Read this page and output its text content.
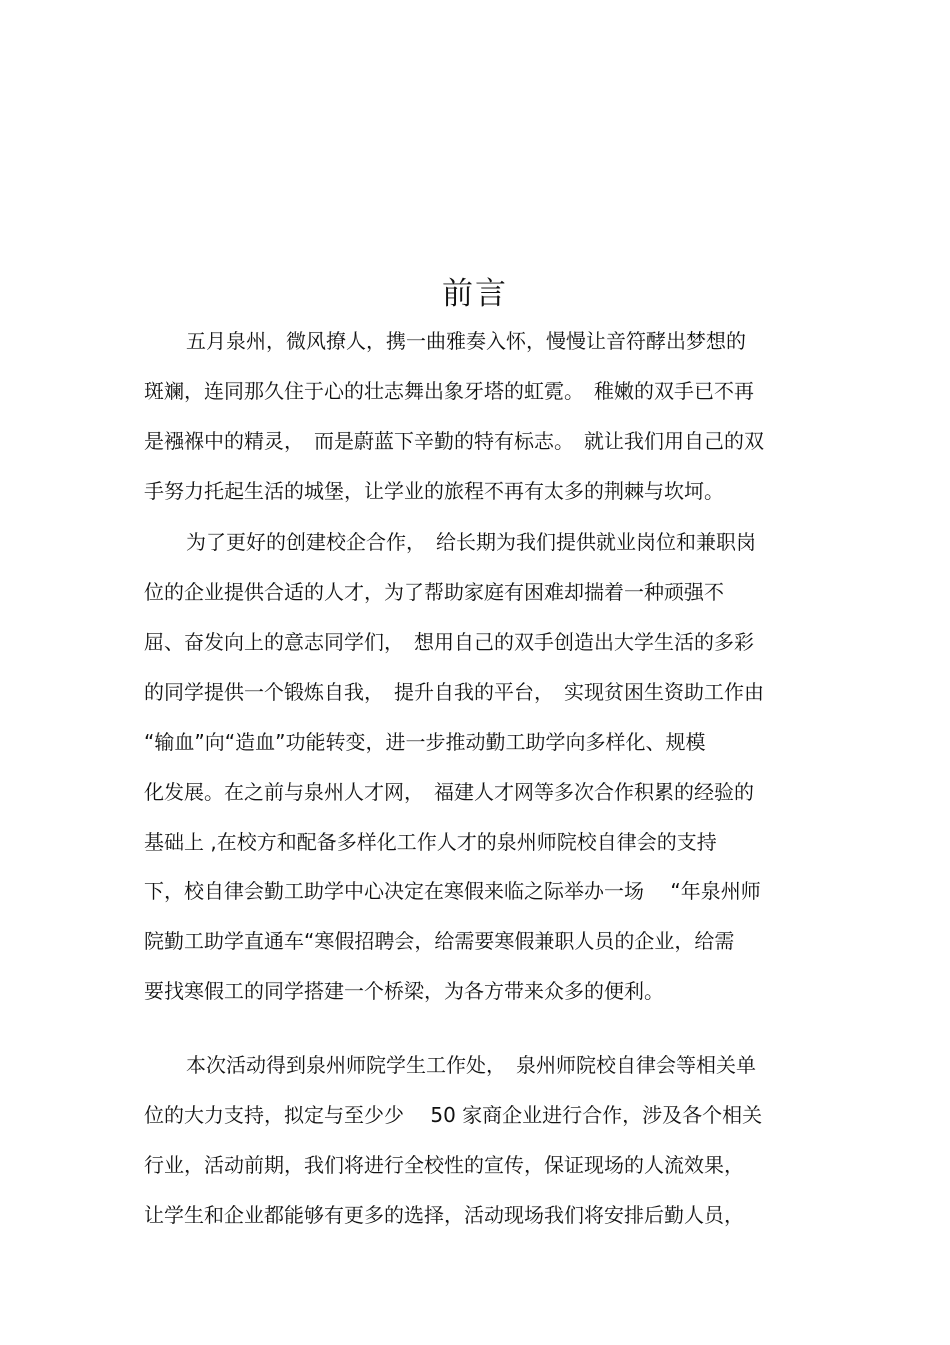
前言
五月泉州，微风撩人，携一曲雅奏入怀，慢慢让音符酵出梦想的
斑斓，连同那久住于心的壮志舞出象牙塔的虹霓。　稚嫩的双手已不再
是襁褓中的精灵，　而是蔚蓝下辛勤的特有标志。　就让我们用自己的双
手努力托起生活的城堡，让学业的旅程不再有太多的荆棘与坎坷。
为了更好的创建校企合作，　给长期为我们提供就业岗位和兼职岗
位的企业提供合适的人才，为了帮助家庭有困难却揣着一种顽强不
屈、奋发向上的意志同学们，　想用自己的双手创造出大学生活的多彩
的同学提供一个锻炼自我，　提升自我的平台，　实现贫困生资助工作由
“输血”向“造血”功能转变，进一步推动勤工助学向多样化、规模
化发展。在之前与泉州人才网，　福建人才网等多次合作积累的经验的
基础上 ,在校方和配备多样化工作人才的泉州师院校自律会的支持
下，校自律会勤工助学中心决定在寒假来临之际举办一场　 “年泉州师
院勤工助学直通车“寒假招聘会，给需要寒假兼职人员的企业，给需
要找寒假工的同学搭建一个桥梁，为各方带来众多的便利。
本次活动得到泉州师院学生工作处，　泉州师院校自律会等相关单
位的大力支持，拟定与至少少　 50 家商企业进行合作，涉及各个相关
行业，活动前期，我们将进行全校性的宣传，保证现场的人流效果，
让学生和企业都能够有更多的选择，活动现场我们将安排后勤人员，
